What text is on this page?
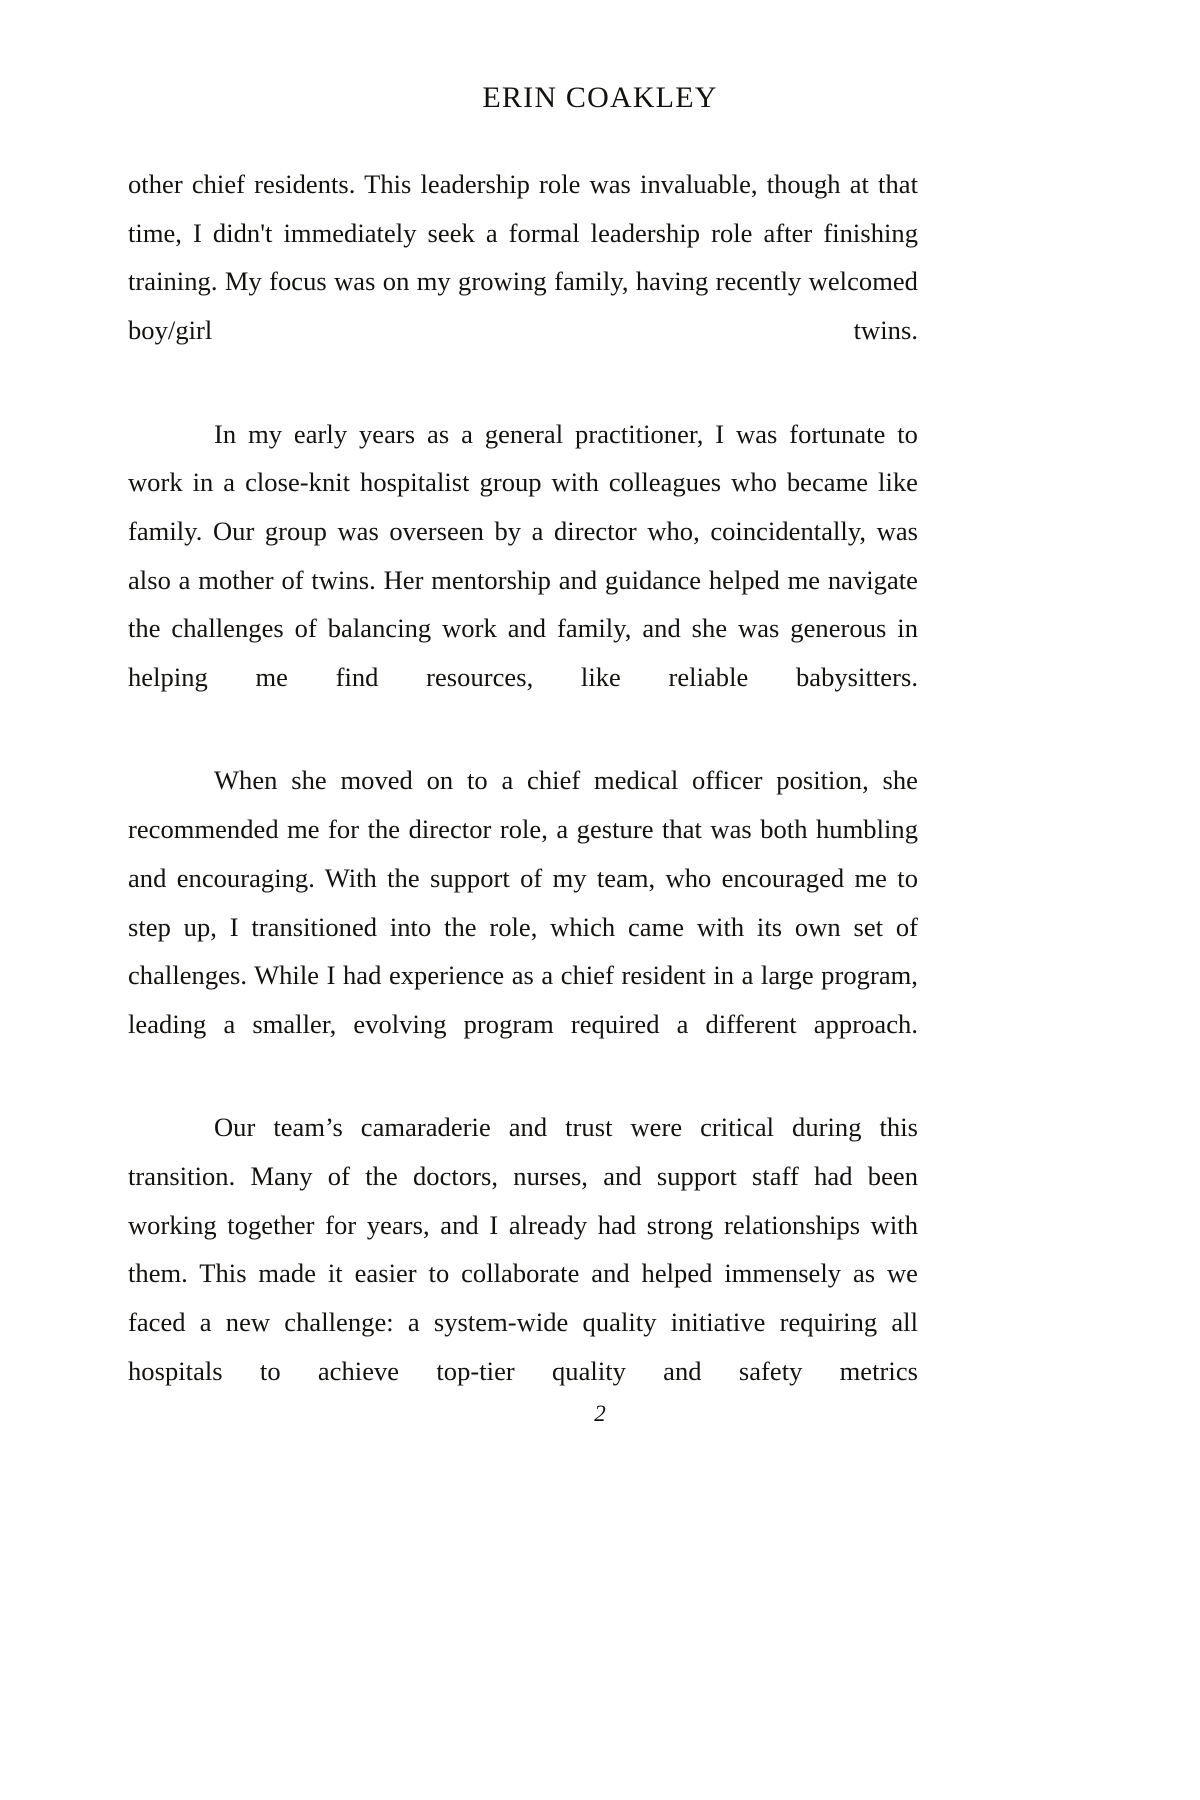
ERIN COAKLEY

other chief residents. This leadership role was invaluable, though at that time, I didn't immediately seek a formal leadership role after finishing training. My focus was on my growing family, having recently welcomed boy/girl twins.

In my early years as a general practitioner, I was fortunate to work in a close-knit hospitalist group with colleagues who became like family. Our group was overseen by a director who, coincidentally, was also a mother of twins. Her mentorship and guidance helped me navigate the challenges of balancing work and family, and she was generous in helping me find resources, like reliable babysitters.

When she moved on to a chief medical officer position, she recommended me for the director role, a gesture that was both humbling and encouraging. With the support of my team, who encouraged me to step up, I transitioned into the role, which came with its own set of challenges. While I had experience as a chief resident in a large program, leading a smaller, evolving program required a different approach.

Our team’s camaraderie and trust were critical during this transition. Many of the doctors, nurses, and support staff had been working together for years, and I already had strong relationships with them. This made it easier to collaborate and helped immensely as we faced a new challenge: a system-wide quality initiative requiring all hospitals to achieve top-tier quality and safety metrics

2
